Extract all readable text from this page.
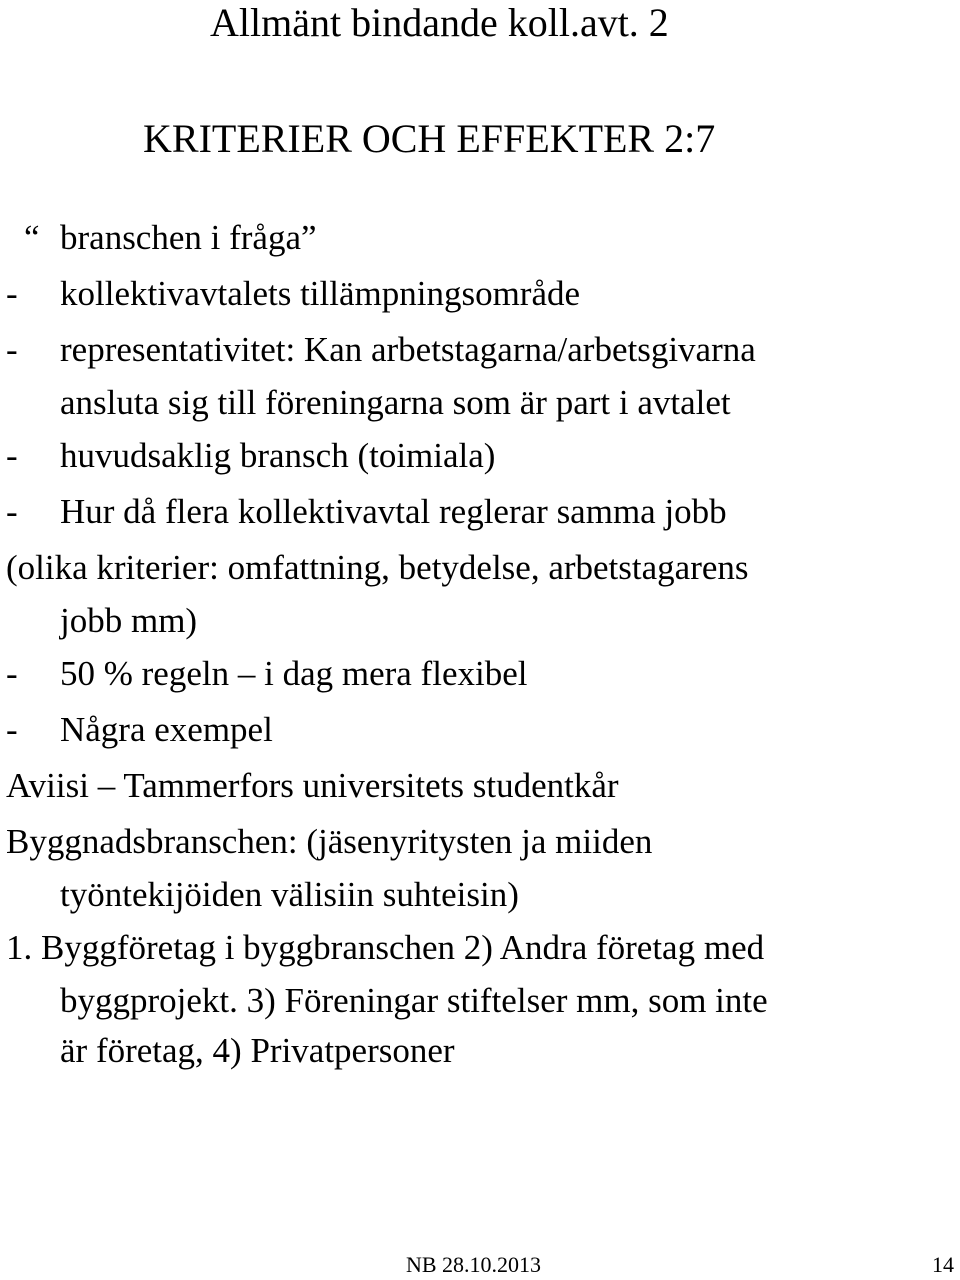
Allmänt bindande koll.avt. 2
KRITERIER OCH EFFEKTER 2:7
“ branschen i fråga”
- kollektivavtalets tillämpningsområde
- representativitet: Kan arbetstagarna/arbetsgivarna
ansluta sig till föreningarna som är part i avtalet
- huvudsaklig bransch (toimiala)
- Hur då flera kollektivavtal reglerar samma jobb
(olika kriterier: omfattning, betydelse, arbetstagarens
jobb mm)
- 50 % regeln – i dag mera flexibel
- Några exempel
Aviisi – Tammerfors universitets studentkår
Byggnadsbranschen: (jäsenyritysten ja miiden
työntekijöiden välisiin suhteisin)
1. Byggföretag i byggbranschen 2) Andra företag med
byggprojekt. 3) Föreningar stiftelser mm, som inte
är företag, 4) Privatpersoner
NB 28.10.2013	14
